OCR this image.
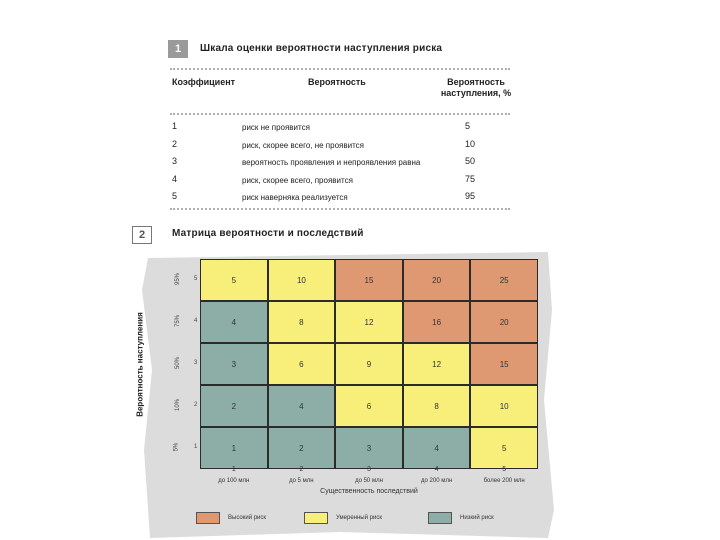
1	Шкала оценки вероятности наступления риска
Коэффициент	Вероятность	Вероятность наступления, %
1	риск не проявится	5
2	риск, скорее всего, не проявится	10
3	вероятность проявления и непроявления равна	50
4	риск, скорее всего, проявится	75
5	риск наверняка реализуется	95
2	Матрица вероятности и последствий
5	10	15	20	25
4	8	12	16	20
3	6	9	12	15
2	4	6	8	10
1	2	3	4	5
Вероятность наступления
95% 5
75% 4
50% 3
10% 2
5% 1
1
до 100 млн
2
до 5 млн
3
до 50 млн
4
до 200 млн
5
более 200 млн
Существенность последствий
Высокий риск	Умеренный риск	Низкий риск
